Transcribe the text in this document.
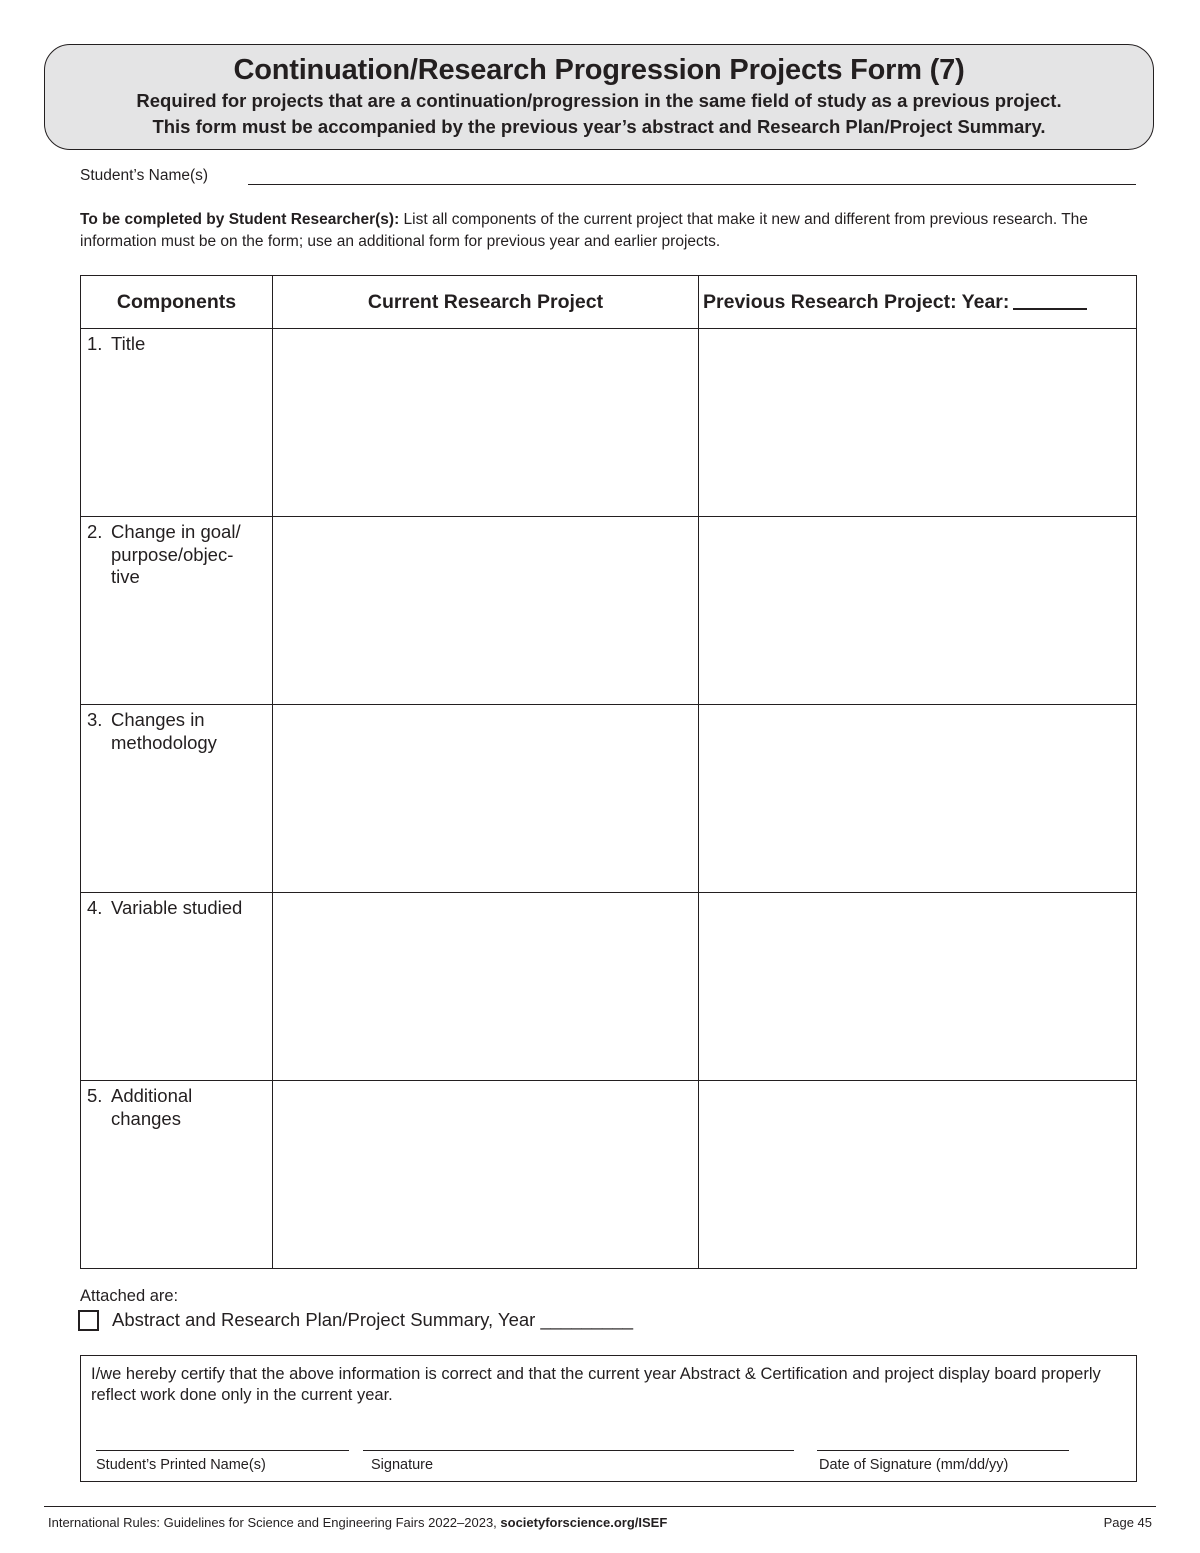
Continuation/Research Progression Projects Form (7)
Required for projects that are a continuation/progression in the same field of study as a previous project.
This form must be accompanied by the previous year’s abstract and Research Plan/Project Summary.
Student’s Name(s)
To be completed by Student Researcher(s): List all components of the current project that make it new and different from previous research. The information must be on the form; use an additional form for previous year and earlier projects.
Components	Current Research Project	Previous Research Project: Year:

1. Title		

2. Change in goal/ purpose/objec- tive		

3. Changes in methodology		

4. Variable studied		

5. Additional changes		

Attached are:
Abstract and Research Plan/Project Summary, Year _________
I/we hereby certify that the above information is correct and that the current year Abstract & Certification and project display board properly reflect work done only in the current year.
Student’s Printed Name(s)	Signature	Date of Signature (mm/dd/yy)
International Rules: Guidelines for Science and Engineering Fairs 2022–2023, societyforscience.org/ISEF	Page 45
